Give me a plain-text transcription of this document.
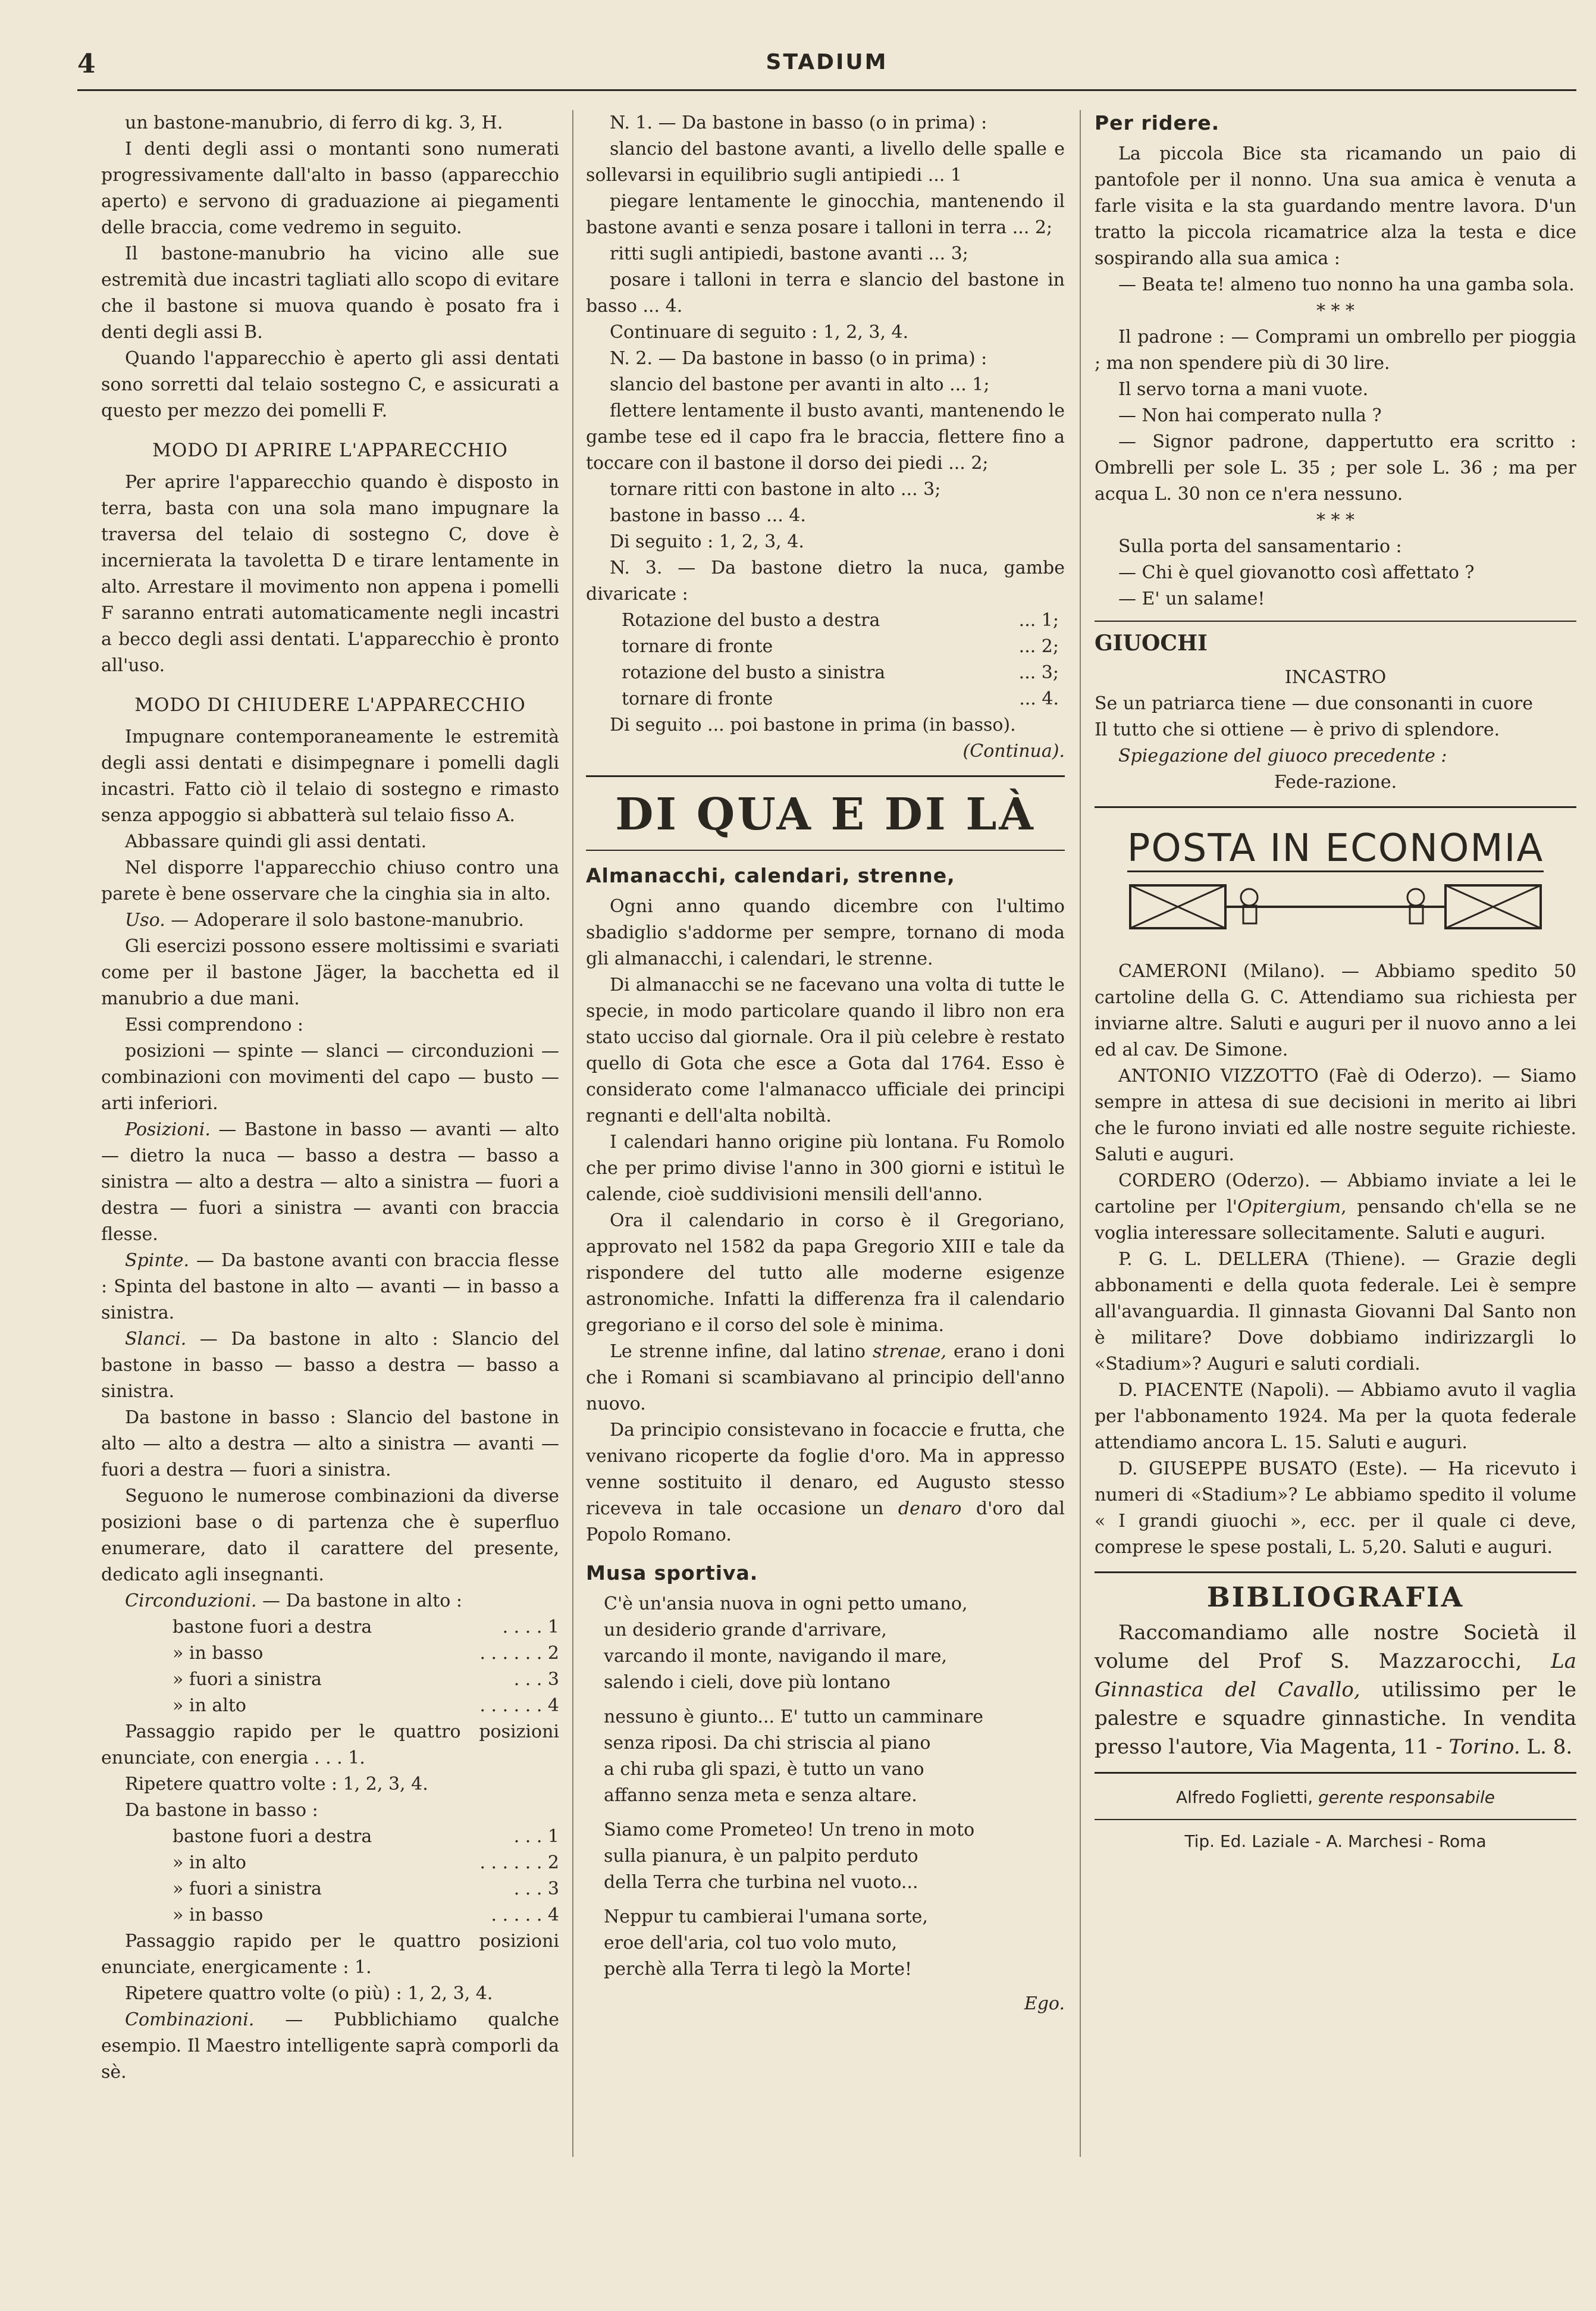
4	STADIUM

un bastone-manubrio, di ferro di kg. 3, H.

I denti degli assi o montanti sono numerati progressivamente dall'alto in basso (apparecchio aperto) e servono di graduazione ai piegamenti delle braccia, come vedremo in seguito.

Il bastone-manubrio ha vicino alle sue estremità due incastri tagliati allo scopo di evitare che il bastone si muova quando è posato fra i denti degli assi B.

Quando l'apparecchio è aperto gli assi dentati sono sorretti dal telaio sostegno C, e assicurati a questo per mezzo dei pomelli F.

MODO DI APRIRE L'APPARECCHIO

Per aprire l'apparecchio quando è disposto in terra, basta con una sola mano impugnare la traversa del telaio di sostegno C, dove è incernierata la tavoletta D e tirare lentamente in alto. Arrestare il movimento non appena i pomelli F saranno entrati automaticamente negli incastri a becco degli assi dentati. L'apparecchio è pronto all'uso.

MODO DI CHIUDERE L'APPARECCHIO

Impugnare contemporaneamente le estremità degli assi dentati e disimpegnare i pomelli dagli incastri. Fatto ciò il telaio di sostegno e rimasto senza appoggio si abbatterà sul telaio fisso A.

Abbassare quindi gli assi dentati.

Nel disporre l'apparecchio chiuso contro una parete è bene osservare che la cinghia sia in alto.

Uso. — Adoperare il solo bastone-manubrio.

Gli esercizi possono essere moltissimi e svariati come per il bastone Jäger, la bacchetta ed il manubrio a due mani.

Essi comprendono :

posizioni — spinte — slanci — circonduzioni — combinazioni con movimenti del capo — busto — arti inferiori.

Posizioni. — Bastone in basso — avanti — alto — dietro la nuca — basso a destra — basso a sinistra — alto a destra — alto a sinistra — fuori a destra — fuori a sinistra — avanti con braccia flesse.

Spinte. — Da bastone avanti con braccia flesse : Spinta del bastone in alto — avanti — in basso a sinistra.

Slanci. — Da bastone in alto : Slancio del bastone in basso — basso a destra — basso a sinistra.

Da bastone in basso : Slancio del bastone in alto — alto a destra — alto a sinistra — avanti — fuori a destra — fuori a sinistra.

Seguono le numerose combinazioni da diverse posizioni base o di partenza che è superfluo enumerare, dato il carattere del presente, dedicato agli insegnanti.

Circonduzioni. — Da bastone in alto :

bastone fuori a destra	. . . . 1
» in basso	. . . . . . 2
» fuori a sinistra	. . . 3
» in alto	. . . . . . 4

Passaggio rapido per le quattro posizioni enunciate, con energia . . . 1.

Ripetere quattro volte : 1, 2, 3, 4.

Da bastone in basso :

bastone fuori a destra	. . . 1
» in alto	. . . . . . 2
» fuori a sinistra	. . . 3
» in basso	. . . . . 4

Passaggio rapido per le quattro posizioni enunciate, energicamente : 1.

Ripetere quattro volte (o più) : 1, 2, 3, 4.

Combinazioni. — Pubblichiamo qualche esempio. Il Maestro intelligente saprà comporli da sè.

N. 1. — Da bastone in basso (o in prima) :

slancio del bastone avanti, a livello delle spalle e sollevarsi in equilibrio sugli antipiedi ... 1

piegare lentamente le ginocchia, mantenendo il bastone avanti e senza posare i talloni in terra ... 2;

ritti sugli antipiedi, bastone avanti ... 3;

posare i talloni in terra e slancio del bastone in basso ... 4.

Continuare di seguito : 1, 2, 3, 4.

N. 2. — Da bastone in basso (o in prima) :

slancio del bastone per avanti in alto ... 1;

flettere lentamente il busto avanti, mantenendo le gambe tese ed il capo fra le braccia, flettere fino a toccare con il bastone il dorso dei piedi ... 2;

tornare ritti con bastone in alto ... 3;

bastone in basso ... 4.

Di seguito : 1, 2, 3, 4.

N. 3. — Da bastone dietro la nuca, gambe divaricate :

Rotazione del busto a destra	... 1;
tornare di fronte	... 2;
rotazione del busto a sinistra	... 3;
tornare di fronte	... 4.

Di seguito ... poi bastone in prima (in basso).

(Continua).

DI QUA E DI LÀ
Almanacchi, calendari, strenne,

Ogni anno quando dicembre con l'ultimo sbadiglio s'addorme per sempre, tornano di moda gli almanacchi, i calendari, le strenne.

Di almanacchi se ne facevano una volta di tutte le specie, in modo particolare quando il libro non era stato ucciso dal giornale. Ora il più celebre è restato quello di Gota che esce a Gota dal 1764. Esso è considerato come l'almanacco ufficiale dei principi regnanti e dell'alta nobiltà.

I calendari hanno origine più lontana. Fu Romolo che per primo divise l'anno in 300 giorni e istituì le calende, cioè suddivisioni mensili dell'anno.

Ora il calendario in corso è il Gregoriano, approvato nel 1582 da papa Gregorio XIII e tale da rispondere del tutto alle moderne esigenze astronomiche. Infatti la differenza fra il calendario gregoriano e il corso del sole è minima.

Le strenne infine, dal latino strenae, erano i doni che i Romani si scambiavano al principio dell'anno nuovo.

Da principio consistevano in focaccie e frutta, che venivano ricoperte da foglie d'oro. Ma in appresso venne sostituito il denaro, ed Augusto stesso riceveva in tale occasione un denaro d'oro dal Popolo Romano.

Musa sportiva.

C'è un'ansia nuova in ogni petto umano,

un desiderio grande d'arrivare,

varcando il monte, navigando il mare,

salendo i cieli, dove più lontano

nessuno è giunto... E' tutto un camminare

senza riposi. Da chi striscia al piano

a chi ruba gli spazi, è tutto un vano

affanno senza meta e senza altare.

Siamo come Prometeo! Un treno in moto

sulla pianura, è un palpito perduto

della Terra che turbina nel vuoto...

Neppur tu cambierai l'umana sorte,

eroe dell'aria, col tuo volo muto,

perchè alla Terra ti legò la Morte!

Ego.

Per ridere.

La piccola Bice sta ricamando un paio di pantofole per il nonno. Una sua amica è venuta a farle visita e la sta guardando mentre lavora. D'un tratto la piccola ricamatrice alza la testa e dice sospirando alla sua amica :

— Beata te! almeno tuo nonno ha una gamba sola.

* * *

Il padrone : — Comprami un ombrello per pioggia ; ma non spendere più di 30 lire.

Il servo torna a mani vuote.

— Non hai comperato nulla ?

— Signor padrone, dappertutto era scritto : Ombrelli per sole L. 35 ; per sole L. 36 ; ma per acqua L. 30 non ce n'era nessuno.

* * *

Sulla porta del sansamentario :

— Chi è quel giovanotto così affettato ?

— E' un salame!

GIUOCHI

INCASTRO

Se un patriarca tiene — due consonanti in cuore

Il tutto che si ottiene — è privo di splendore.

Spiegazione del giuoco precedente :

Fede-razione.

POSTA IN ECONOMIA

CAMERONI (Milano). — Abbiamo spedito 50 cartoline della G. C. Attendiamo sua richiesta per inviarne altre. Saluti e auguri per il nuovo anno a lei ed al cav. De Simone.

ANTONIO VIZZOTTO (Faè di Oderzo). — Siamo sempre in attesa di sue decisioni in merito ai libri che le furono inviati ed alle nostre seguite richieste. Saluti e auguri.

CORDERO (Oderzo). — Abbiamo inviate a lei le cartoline per l'Opitergium, pensando ch'ella se ne voglia interessare sollecitamente. Saluti e auguri.

P. G. L. DELLERA (Thiene). — Grazie degli abbonamenti e della quota federale. Lei è sempre all'avanguardia. Il ginnasta Giovanni Dal Santo non è militare? Dove dobbiamo indirizzargli lo «Stadium»? Auguri e saluti cordiali.

D. PIACENTE (Napoli). — Abbiamo avuto il vaglia per l'abbonamento 1924. Ma per la quota federale attendiamo ancora L. 15. Saluti e auguri.

D. GIUSEPPE BUSATO (Este). — Ha ricevuto i numeri di «Stadium»? Le abbiamo spedito il volume « I grandi giuochi », ecc. per il quale ci deve, comprese le spese postali, L. 5,20. Saluti e auguri.

BIBLIOGRAFIA

Raccomandiamo alle nostre Società il volume del Prof S. Mazzarocchi, La Ginnastica del Cavallo, utilissimo per le palestre e squadre ginnastiche. In vendita presso l'autore, Via Magenta, 11 - Torino. L. 8.

Alfredo Foglietti, gerente responsabile

Tip. Ed. Laziale - A. Marchesi - Roma
